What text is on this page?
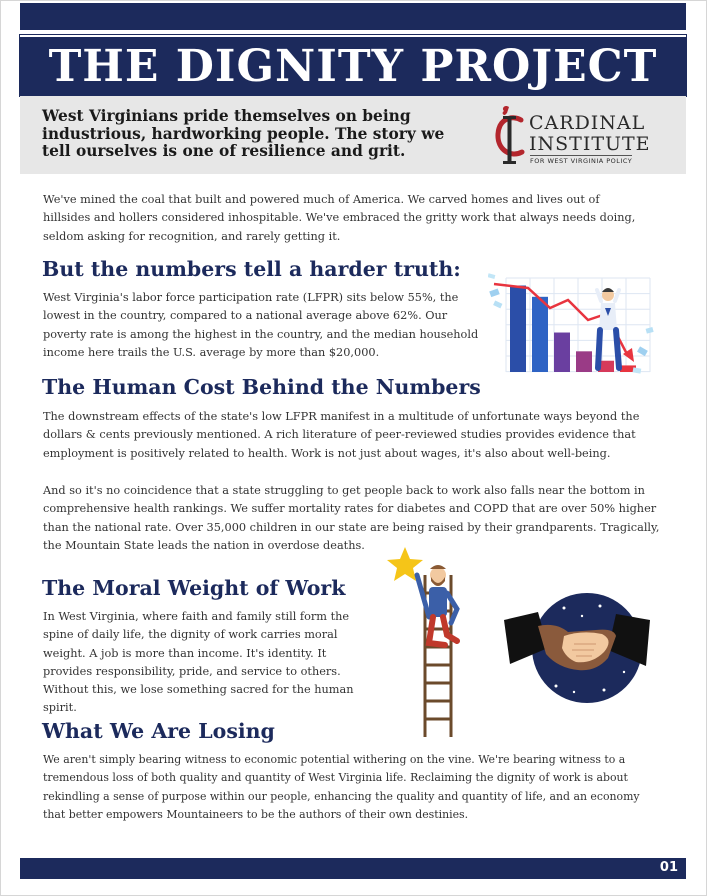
THE DIGNITY PROJECT

West Virginians pride themselves on being industrious, hardworking people. The story we tell ourselves is one of resilience and grit.

CARDINAL
INSTITUTE
FOR WEST VIRGINIA POLICY

We've mined the coal that built and powered much of America. We carved homes and lives out of hillsides and hollers considered inhospitable. We've embraced the gritty work that always needs doing, seldom asking for recognition, and rarely getting it.

But the numbers tell a harder truth:

West Virginia's labor force participation rate (LFPR) sits below 55%, the lowest in the country, compared to a national average above 62%. Our poverty rate is among the highest in the country, and the median household income here trails the U.S. average by more than $20,000.

The Human Cost Behind the Numbers

The downstream effects of the state's low LFPR manifest in a multitude of unfortunate ways beyond the dollars & cents previously mentioned. A rich literature of peer-reviewed studies provides evidence that employment is positively related to health. Work is not just about wages, it's also about well-being.

And so it's no coincidence that a state struggling to get people back to work also falls near the bottom in comprehensive health rankings. We suffer mortality rates for diabetes and COPD that are over 50% higher than the national rate. Over 35,000 children in our state are being raised by their grandparents. Tragically, the Mountain State leads the nation in overdose deaths.

The Moral Weight of Work

In West Virginia, where faith and family still form the spine of daily life, the dignity of work carries moral weight. A job is more than income. It's identity. It provides responsibility, pride, and service to others. Without this, we lose something sacred for the human spirit.

What We Are Losing

We aren't simply bearing witness to economic potential withering on the vine. We're bearing witness to a tremendous loss of both quality and quantity of West Virginia life. Reclaiming the dignity of work is about rekindling a sense of purpose within our people, enhancing the quality and quantity of life, and an economy that better empowers Mountaineers to be the authors of their own destinies.

01
